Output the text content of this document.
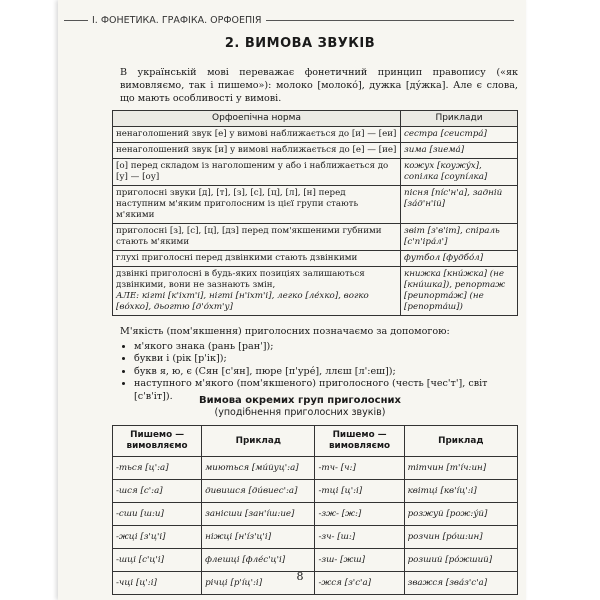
І. ФОНЕТИКА. ГРАФІКА. ОРФОЕПІЯ
2. ВИМОВА ЗВУКІВ

В українській мові переважає фонетичний принцип правопису («як вимовляємо, так і пишемо»): молоко [молоко́], дужка [ду́жка]. Але є слова, що мають особливості у вимові.

Орфоепічна норма	Приклади
ненаголошений звук [е] у вимові наближається до [и] — [еи]	сестра [сеистра́]
ненаголошений звук [и] у вимові наближається до [е] — [ие]	зима [зиема́]
[о] перед складом із наголошеним у або і наближається до [у] — [оу]	кожух [коужу́х], сопілка [соупі́лка]
приголосні звуки [д], [т], [з], [с], [ц], [л], [н] перед наступним м'яким приголосним із цієї групи стають м'якими	пісня [пі́с'н'а], задній [за́д'н'ій]
приголосні [з], [с], [ц], [дз] перед пом'якшеними губними стають м'якими	звіт [з'в'іт], спіраль [с'п'іра́л']
глухі приголосні перед дзвінкими стають дзвінкими	футбол [фудбо́л]
дзвінкі приголосні в будь-яких позиціях залишаються дзвінкими, вони не зазнають змін,
АЛЕ: кігті [к'іхт'і], нігті [н'іхт'і], легко [ле́хко], вогко [во́хко], дьогтю [д'о́хт'у]	книжка [кни́жка] (не [кни́шка]), репортаж [реипорта́ж] (не [репорта́ш])
М'якість (пом'якшення) приголосних позначаємо за допомогою:
• м'якого знака (рань [ран']);
• букви і (рік [р'ік]);
• букв я, ю, є (Сян [с'ян], пюре [п'уре́], ллєш [л':еш]);
• наступного м'якого (пом'якшеного) приголосного (честь [чес'т'], світ [с'в'іт]).	Вимова окремих груп приголосних
(уподібнення приголосних звуків)
Пишемо — вимовляємо	Приклад	Пишемо — вимовляємо	Приклад
-ться [ц':а]	миються [ми́йуц':а]	-тч- [ч:]	тітчин [т'і́ч:ин]
-шся [с':а]	дивишся [ди́виес':а]	-тці [ц':і]	квітці [кв'і́ц':і]
-сши [ш:и]	занісши [зан'і́ш:ие]	-зж- [ж:]	розжуй [рож:у́й]
-жці [з'ц'і]	ніжці [н'і́з'ц'і]	-зч- [ш:]	розчин [ро́ш:ин]
-шці [с'ц'і]	флешці [фле́с'ц'і]	-зш- [жш]	розший [ро́жший]
-чці [ц':і]	річці [р'і́ц':і]	-жся [з'с'а]	зважся [зва́з'с'а]
8
